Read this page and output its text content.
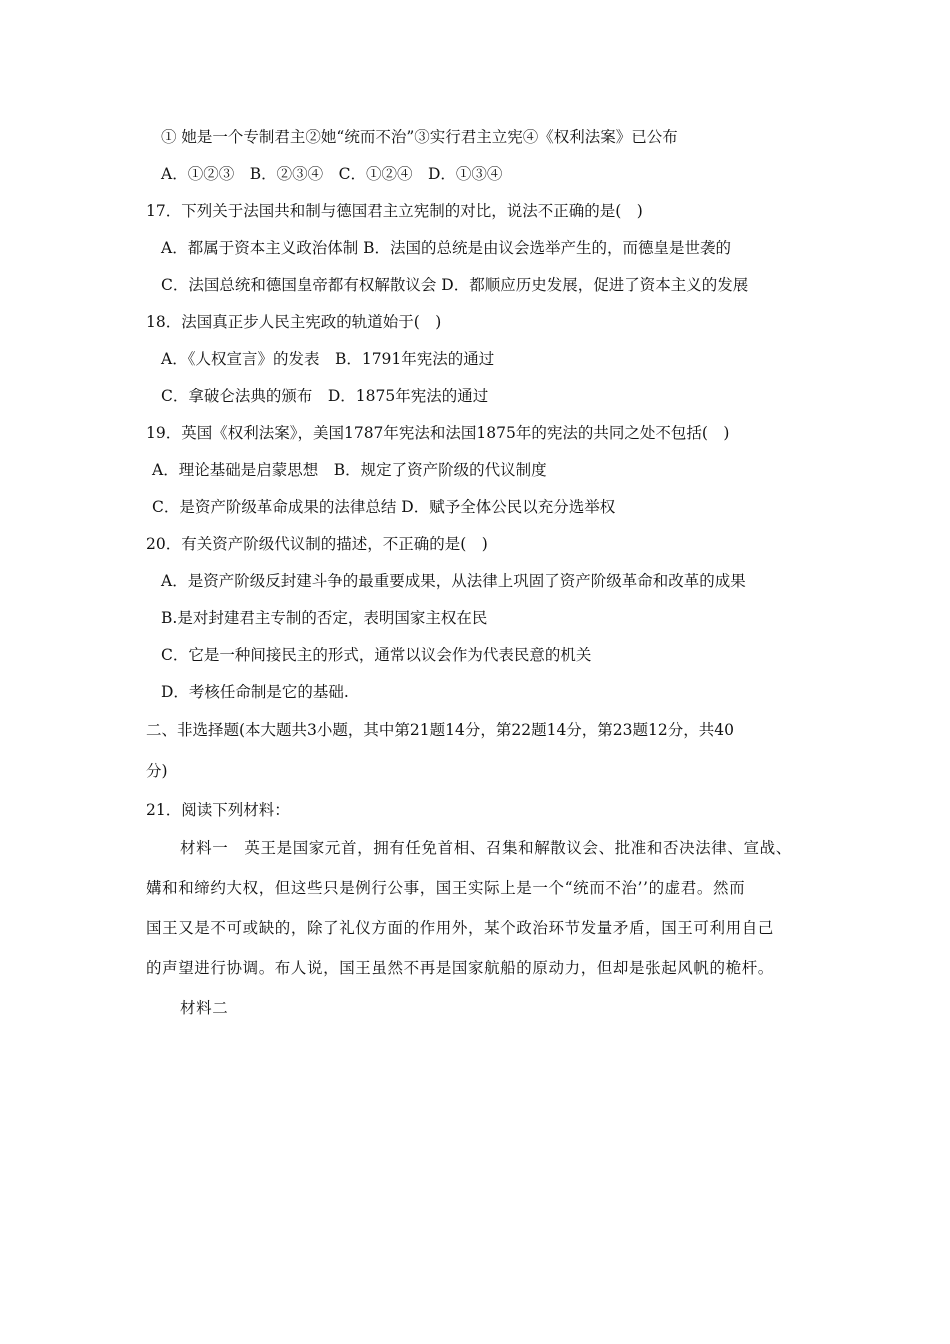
① 她是一个专制君主②她“统而不治”③实行君主立宪④《权利法案》已公布
A．①②③　B．②③④　C．①②④　D．①③④
17．下列关于法国共和制与德国君主立宪制的对比，说法不正确的是(　)
A．都属于资本主义政治体制 B．法国的总统是由议会选举产生的，而德皇是世袭的
C．法国总统和德国皇帝都有权解散议会 D．都顺应历史发展，促进了资本主义的发展
18．法国真正步人民主宪政的轨道始于(　)
A．《人权宣言》的发表　B．1791年宪法的通过
C．拿破仑法典的颁布　D．1875年宪法的通过
19．英国《权利法案》，美国1787年宪法和法国1875年的宪法的共同之处不包括(　)
A．理论基础是启蒙思想　B．规定了资产阶级的代议制度
C．是资产阶级革命成果的法律总结 D．赋予全体公民以充分选举权
20．有关资产阶级代议制的描述，不正确的是(　)
A．是资产阶级反封建斗争的最重要成果，从法律上巩固了资产阶级革命和改革的成果
B.是对封建君主专制的否定，表明国家主权在民
C．它是一种间接民主的形式，通常以议会作为代表民意的机关
D．考核任命制是它的基础.
二、非选择题(本大题共3小题，其中第21题14分，第22题14分，第23题12分，共40
分)
21．阅读下列材料：
材料一　英王是国家元首，拥有任免首相、召集和解散议会、批准和否决法律、宣战、
媾和和缔约大权，但这些只是例行公事，国王实际上是一个“统而不治’’的虚君。然而
国王又是不可或缺的，除了礼仪方面的作用外，某个政治环节发量矛盾，国王可利用自己
的声望进行协调。布人说，国王虽然不再是国家航船的原动力，但却是张起风帆的桅杆。
材料二
